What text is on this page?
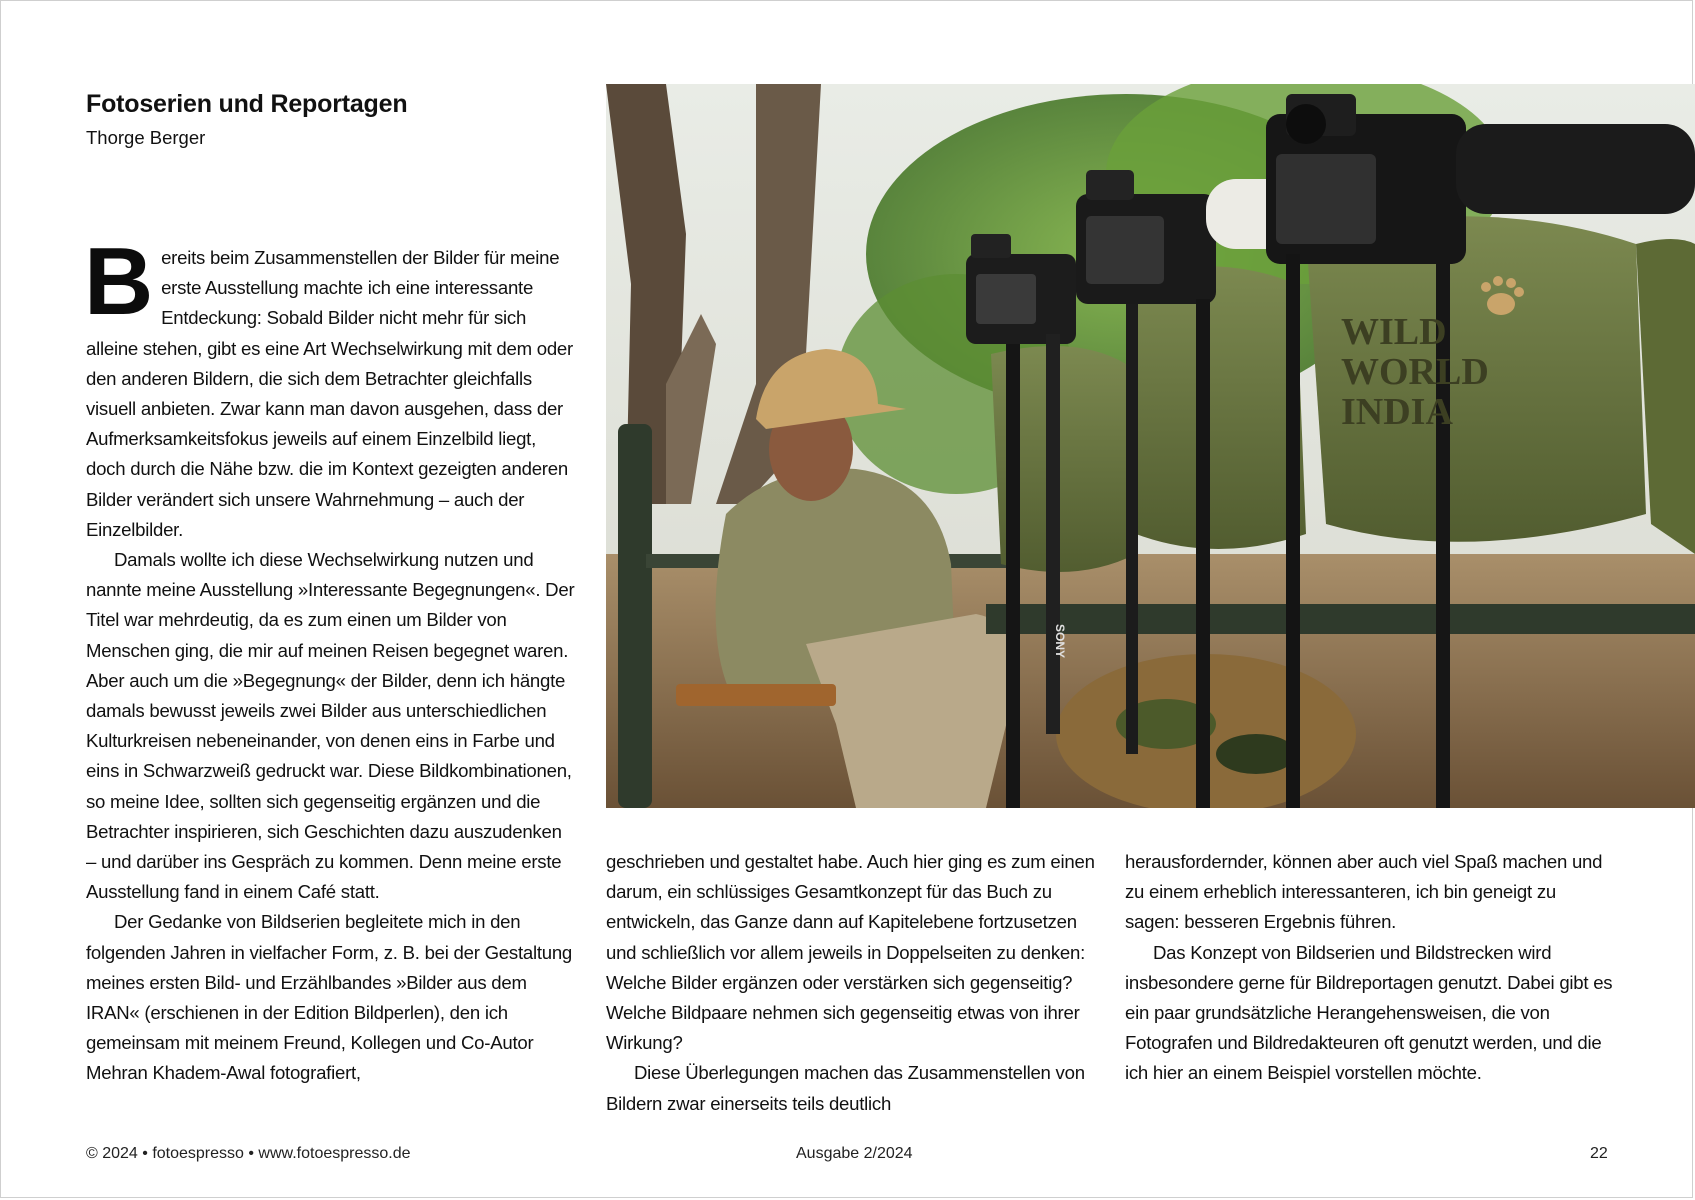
Fotoserien und Reportagen
Thorge Berger
B ereits beim Zusammenstellen der Bilder für meine erste Ausstellung machte ich eine interessante Entdeckung: Sobald Bilder nicht mehr für sich alleine stehen, gibt es eine Art Wechselwirkung mit dem oder den anderen Bildern, die sich dem Betrachter gleichfalls visuell anbieten. Zwar kann man davon ausgehen, dass der Aufmerksamkeitsfokus jeweils auf einem Einzelbild liegt, doch durch die Nähe bzw. die im Kontext gezeigten anderen Bilder verändert sich unsere Wahrnehmung – auch der Einzelbilder.

Damals wollte ich diese Wechselwirkung nutzen und nannte meine Ausstellung »Interessante Begegnungen«. Der Titel war mehrdeutig, da es zum einen um Bilder von Menschen ging, die mir auf meinen Reisen begegnet waren. Aber auch um die »Begegnung« der Bilder, denn ich hängte damals bewusst jeweils zwei Bilder aus unterschiedlichen Kulturkreisen nebeneinander, von denen eins in Farbe und eins in Schwarzweiß gedruckt war. Diese Bildkombinationen, so meine Idee, sollten sich gegenseitig ergänzen und die Betrachter inspirieren, sich Geschichten dazu auszudenken – und darüber ins Gespräch zu kommen. Denn meine erste Ausstellung fand in einem Café statt.

Der Gedanke von Bildserien begleitete mich in den folgenden Jahren in vielfacher Form, z. B. bei der Gestaltung meines ersten Bild- und Erzählbandes »Bilder aus dem IRAN« (erschienen in der Edition Bildperlen), den ich gemeinsam mit meinem Freund, Kollegen und Co-Autor Mehran Khadem-Awal fotografiert,

WILD
WORLD
INDIA
SONY

geschrieben und gestaltet habe. Auch hier ging es zum einen darum, ein schlüssiges Gesamtkonzept für das Buch zu entwickeln, das Ganze dann auf Kapitelebene fortzusetzen und schließlich vor allem jeweils in Doppelseiten zu denken: Welche Bilder ergänzen oder verstärken sich gegenseitig? Welche Bildpaare nehmen sich gegenseitig etwas von ihrer Wirkung?

Diese Überlegungen machen das Zusammenstellen von Bildern zwar einerseits teils deutlich

herausfordernder, können aber auch viel Spaß machen und zu einem erheblich interessanteren, ich bin geneigt zu sagen: besseren Ergebnis führen.

Das Konzept von Bildserien und Bildstrecken wird insbesondere gerne für Bildreportagen genutzt. Dabei gibt es ein paar grundsätzliche Herangehensweisen, die von Fotografen und Bildredakteuren oft genutzt werden, und die ich hier an einem Beispiel vorstellen möchte.

© 2024 • fotoespresso • www.fotoespresso.de	Ausgabe 2/2024	22
